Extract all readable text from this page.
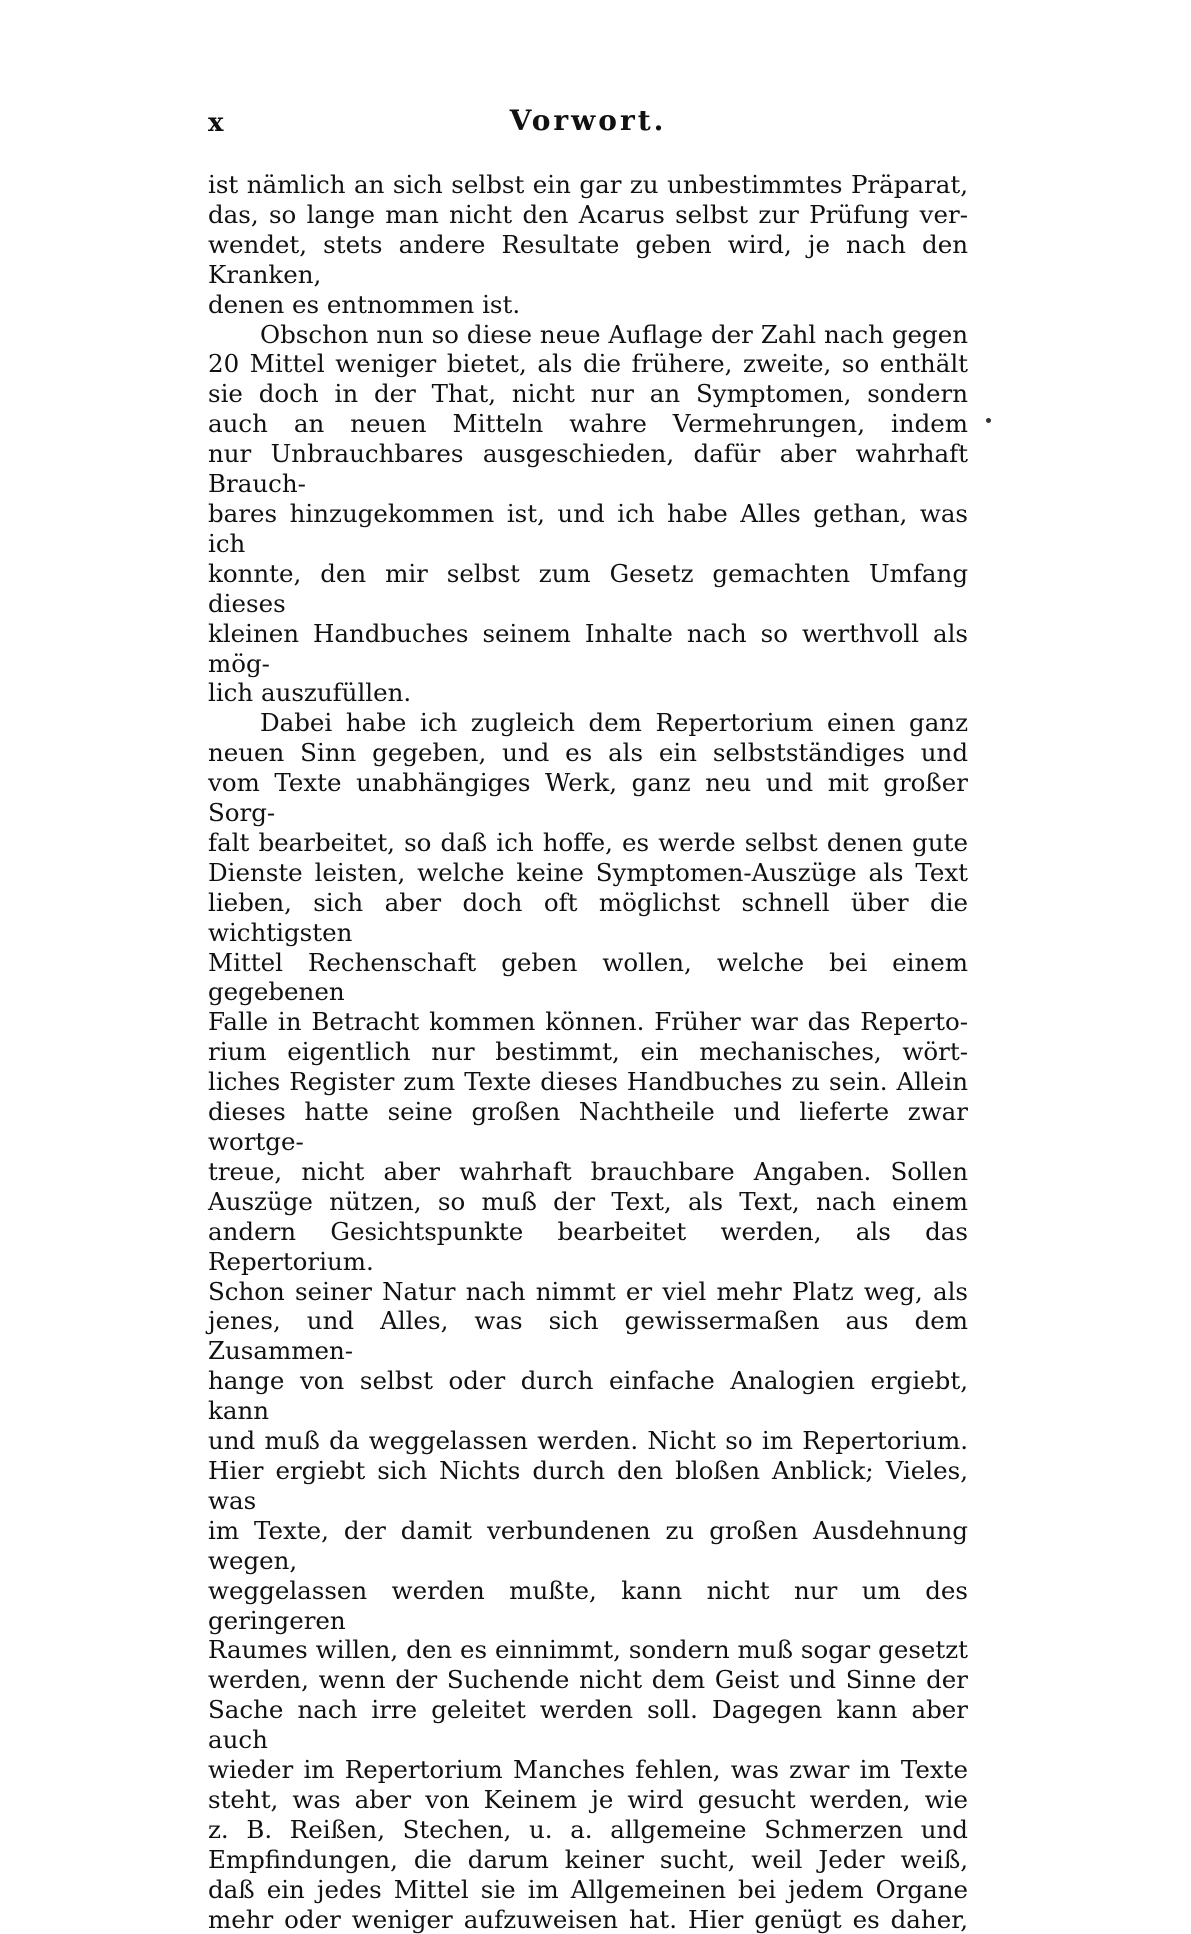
x	Vorwort.

ist nämlich an sich selbst ein gar zu unbestimmtes Präparat,

das, so lange man nicht den Acarus selbst zur Prüfung ver-

wendet, stets andere Resultate geben wird, je nach den Kranken,

denen es entnommen ist.

Obschon nun so diese neue Auflage der Zahl nach gegen

20 Mittel weniger bietet, als die frühere, zweite, so enthält

sie doch in der That, nicht nur an Symptomen, sondern

auch an neuen Mitteln wahre Vermehrungen, indem

nur Unbrauchbares ausgeschieden, dafür aber wahrhaft Brauch-

bares hinzugekommen ist, und ich habe Alles gethan, was ich

konnte, den mir selbst zum Gesetz gemachten Umfang dieses

kleinen Handbuches seinem Inhalte nach so werthvoll als mög-

lich auszufüllen.

Dabei habe ich zugleich dem Repertorium einen ganz

neuen Sinn gegeben, und es als ein selbstständiges und

vom Texte unabhängiges Werk, ganz neu und mit großer Sorg-

falt bearbeitet, so daß ich hoffe, es werde selbst denen gute

Dienste leisten, welche keine Symptomen-Auszüge als Text

lieben, sich aber doch oft möglichst schnell über die wichtigsten

Mittel Rechenschaft geben wollen, welche bei einem gegebenen

Falle in Betracht kommen können. Früher war das Reperto-

rium eigentlich nur bestimmt, ein mechanisches, wört-

liches Register zum Texte dieses Handbuches zu sein. Allein

dieses hatte seine großen Nachtheile und lieferte zwar wortge-

treue, nicht aber wahrhaft brauchbare Angaben. Sollen

Auszüge nützen, so muß der Text, als Text, nach einem

andern Gesichtspunkte bearbeitet werden, als das Repertorium.

Schon seiner Natur nach nimmt er viel mehr Platz weg, als

jenes, und Alles, was sich gewissermaßen aus dem Zusammen-

hange von selbst oder durch einfache Analogien ergiebt, kann

und muß da weggelassen werden. Nicht so im Repertorium.

Hier ergiebt sich Nichts durch den bloßen Anblick; Vieles, was

im Texte, der damit verbundenen zu großen Ausdehnung wegen,

weggelassen werden mußte, kann nicht nur um des geringeren

Raumes willen, den es einnimmt, sondern muß sogar gesetzt

werden, wenn der Suchende nicht dem Geist und Sinne der

Sache nach irre geleitet werden soll. Dagegen kann aber auch

wieder im Repertorium Manches fehlen, was zwar im Texte

steht, was aber von Keinem je wird gesucht werden, wie

z. B. Reißen, Stechen, u. a. allgemeine Schmerzen und

Empfindungen, die darum keiner sucht, weil Jeder weiß,

daß ein jedes Mittel sie im Allgemeinen bei jedem Organe

mehr oder weniger aufzuweisen hat. Hier genügt es daher,
